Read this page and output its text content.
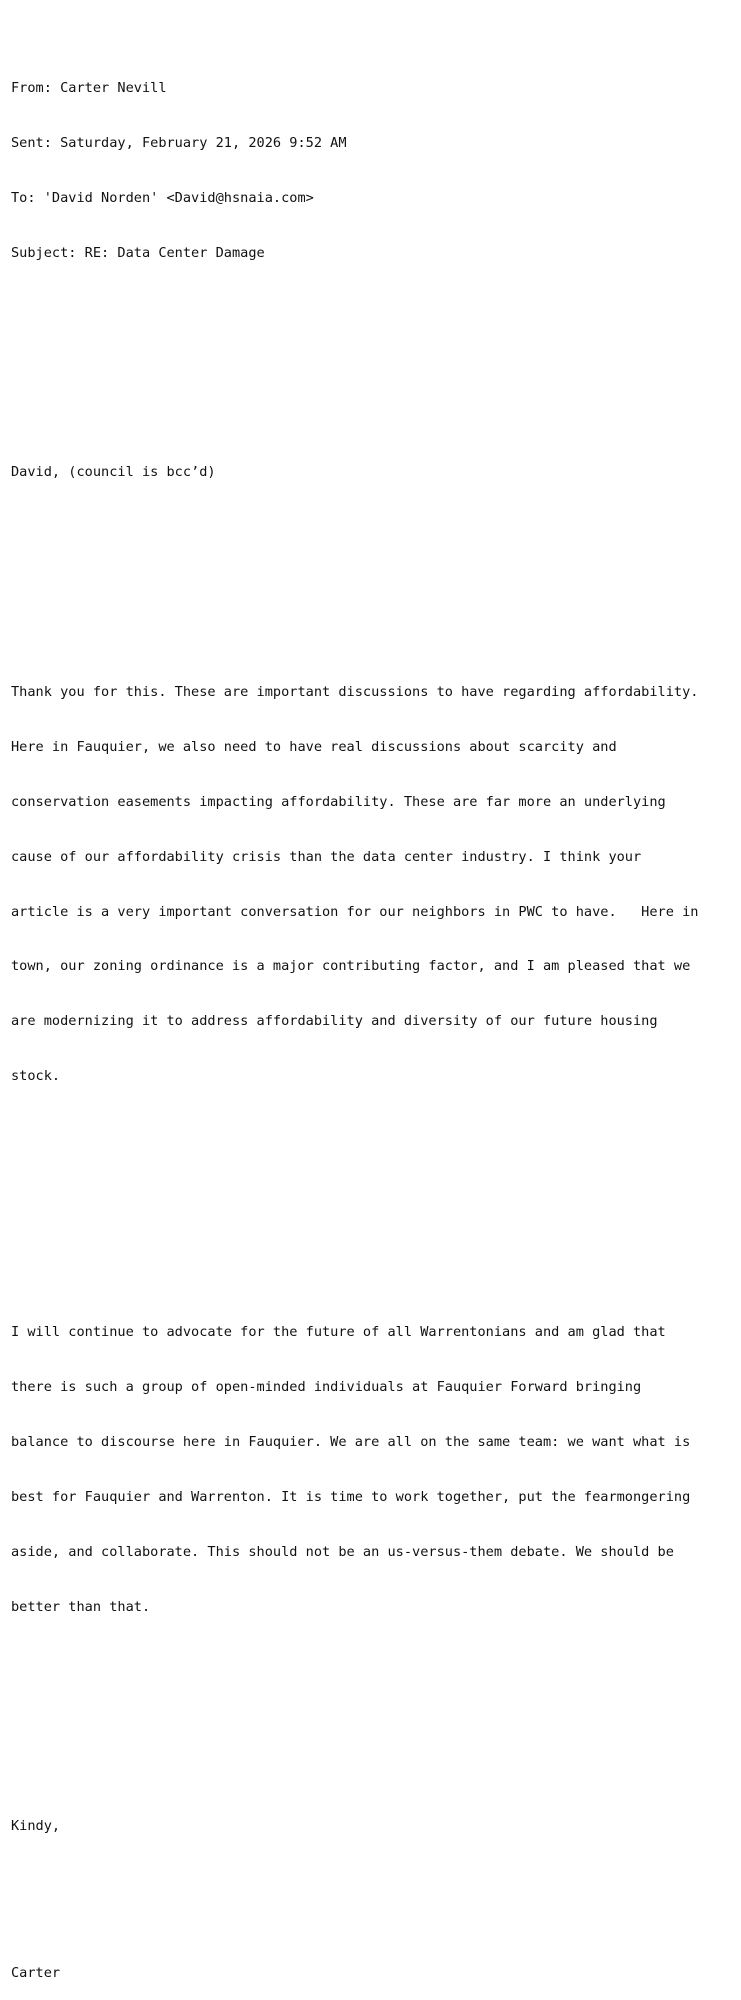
From: Carter Nevill

Sent: Saturday, February 21, 2026 9:52 AM

To: 'David Norden' <David@hsnaia.com>

Subject: RE: Data Center Damage

David, (council is bcc’d)

Thank you for this. These are important discussions to have regarding affordability.

Here in Fauquier, we also need to have real discussions about scarcity and

conservation easements impacting affordability. These are far more an underlying

cause of our affordability crisis than the data center industry. I think your

article is a very important conversation for our neighbors in PWC to have.   Here in

town, our zoning ordinance is a major contributing factor, and I am pleased that we

are modernizing it to address affordability and diversity of our future housing

stock.

I will continue to advocate for the future of all Warrentonians and am glad that

there is such a group of open-minded individuals at Fauquier Forward bringing

balance to discourse here in Fauquier. We are all on the same team: we want what is

best for Fauquier and Warrenton. It is time to work together, put the fearmongering

aside, and collaborate. This should not be an us-versus-them debate. We should be

better than that.

Kindy,

Carter
